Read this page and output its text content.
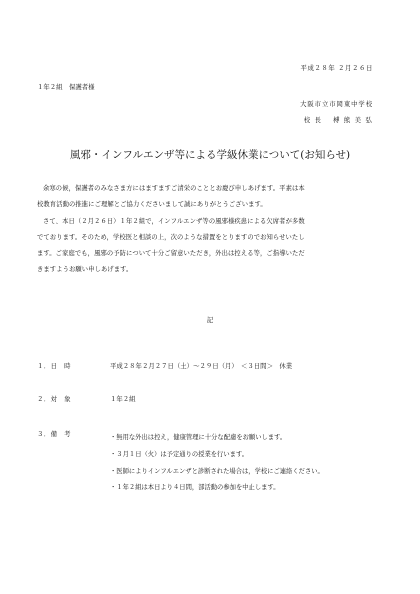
平成２８年 ２月２６日
１年２組　保護者様
大阪市立市岡東中学校
校 長　 榑 熊 美 弘
風邪・インフルエンザ等による学級休業について(お知らせ)
余寒の候，保護者のみなさま方にはますますご清栄のこととお慶び申しあげます。平素は本
校教育活動の推進にご理解とご協力くださいまして誠にありがとうございます。
さて、本日（２月２６日）１年２組で，インフルエンザ等の風邪様疾患による欠席者が多数
でております。そのため，学校医と相談の上，次のような措置をとりますのでお知らせいたし
ます。ご家庭でも，風邪の予防について十分ご留意いただき，外出は控える等，ご指導いただ
きますようお願い申しあげます。
記
１．日　時	平成２８年２月２７日（土）～２９日（月）　＜３日間＞　休業
２．対　象	１年２組
３．備　考	・無用な外出は控え，健康管理に十分な配慮をお願いします。
・３月１日（火）は予定通りの授業を行います。
・医師によりインフルエンザと診断された場合は，学校にご連絡ください。
・１年２組は本日より４日間，部活動の参加を中止します。
